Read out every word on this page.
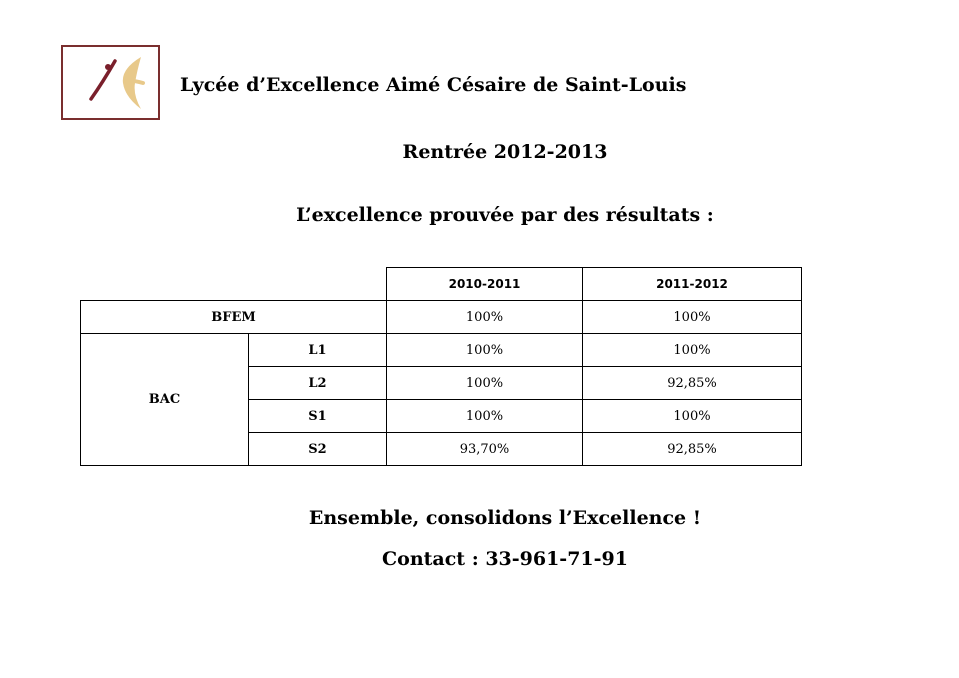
Lycée d’Excellence Aimé Césaire de Saint-Louis
Rentrée 2012-2013
L’excellence prouvée par des résultats :
		2010-2011	2011-2012
BFEM		100%	100%
BAC	L1	100%	100%
	L2	100%	92,85%
	S1	100%	100%
	S2	93,70%	92,85%
Ensemble, consolidons l’Excellence !
Contact : 33-961-71-91
